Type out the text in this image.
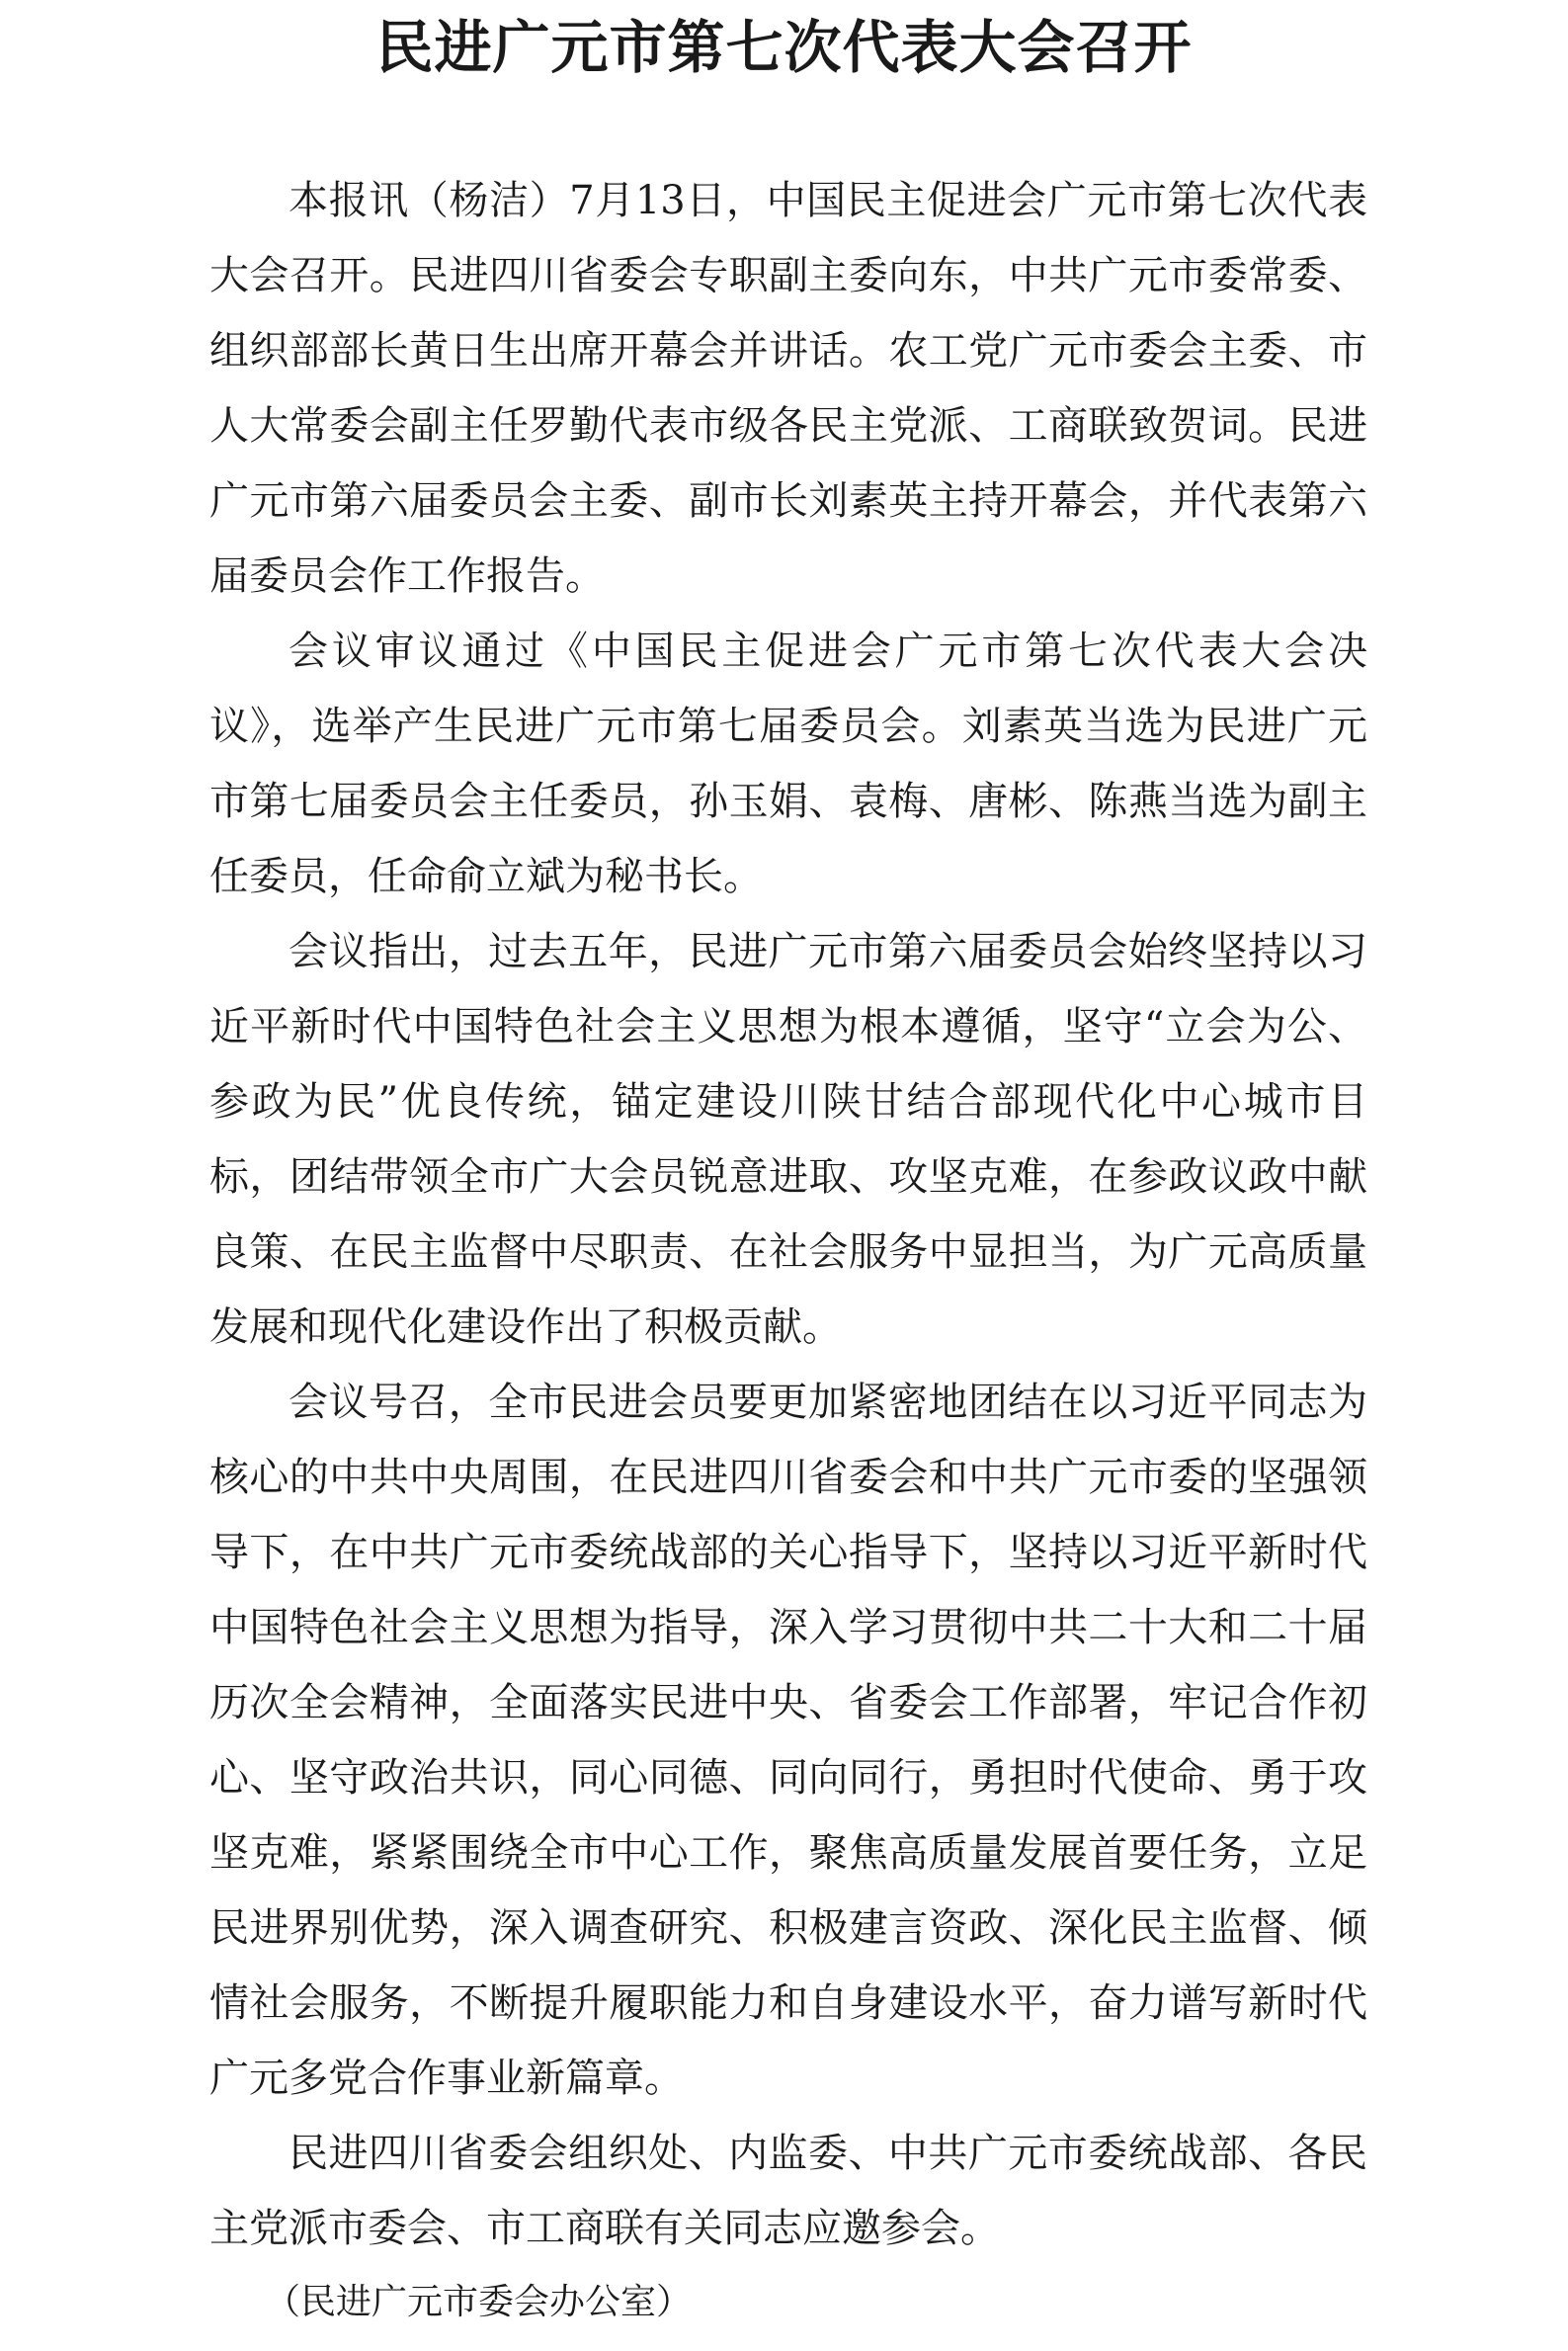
民进广元市第七次代表大会召开

本报讯（杨洁）7月13日，中国民主促进会广元市第七次代表大会召开。民进四川省委会专职副主委向东，中共广元市委常委、组织部部长黄日生出席开幕会并讲话。农工党广元市委会主委、市人大常委会副主任罗勤代表市级各民主党派、工商联致贺词。民进广元市第六届委员会主委、副市长刘素英主持开幕会，并代表第六届委员会作工作报告。

会议审议通过《中国民主促进会广元市第七次代表大会决议》，选举产生民进广元市第七届委员会。刘素英当选为民进广元市第七届委员会主任委员，孙玉娟、袁梅、唐彬、陈燕当选为副主任委员，任命俞立斌为秘书长。

会议指出，过去五年，民进广元市第六届委员会始终坚持以习近平新时代中国特色社会主义思想为根本遵循，坚守“立会为公、参政为民”优良传统，锚定建设川陕甘结合部现代化中心城市目标，团结带领全市广大会员锐意进取、攻坚克难，在参政议政中献良策、在民主监督中尽职责、在社会服务中显担当，为广元高质量发展和现代化建设作出了积极贡献。

会议号召，全市民进会员要更加紧密地团结在以习近平同志为核心的中共中央周围，在民进四川省委会和中共广元市委的坚强领导下，在中共广元市委统战部的关心指导下，坚持以习近平新时代中国特色社会主义思想为指导，深入学习贯彻中共二十大和二十届历次全会精神，全面落实民进中央、省委会工作部署，牢记合作初心、坚守政治共识，同心同德、同向同行，勇担时代使命、勇于攻坚克难，紧紧围绕全市中心工作，聚焦高质量发展首要任务，立足民进界别优势，深入调查研究、积极建言资政、深化民主监督、倾情社会服务，不断提升履职能力和自身建设水平，奋力谱写新时代广元多党合作事业新篇章。

民进四川省委会组织处、内监委、中共广元市委统战部、各民主党派市委会、市工商联有关同志应邀参会。

（民进广元市委会办公室）
